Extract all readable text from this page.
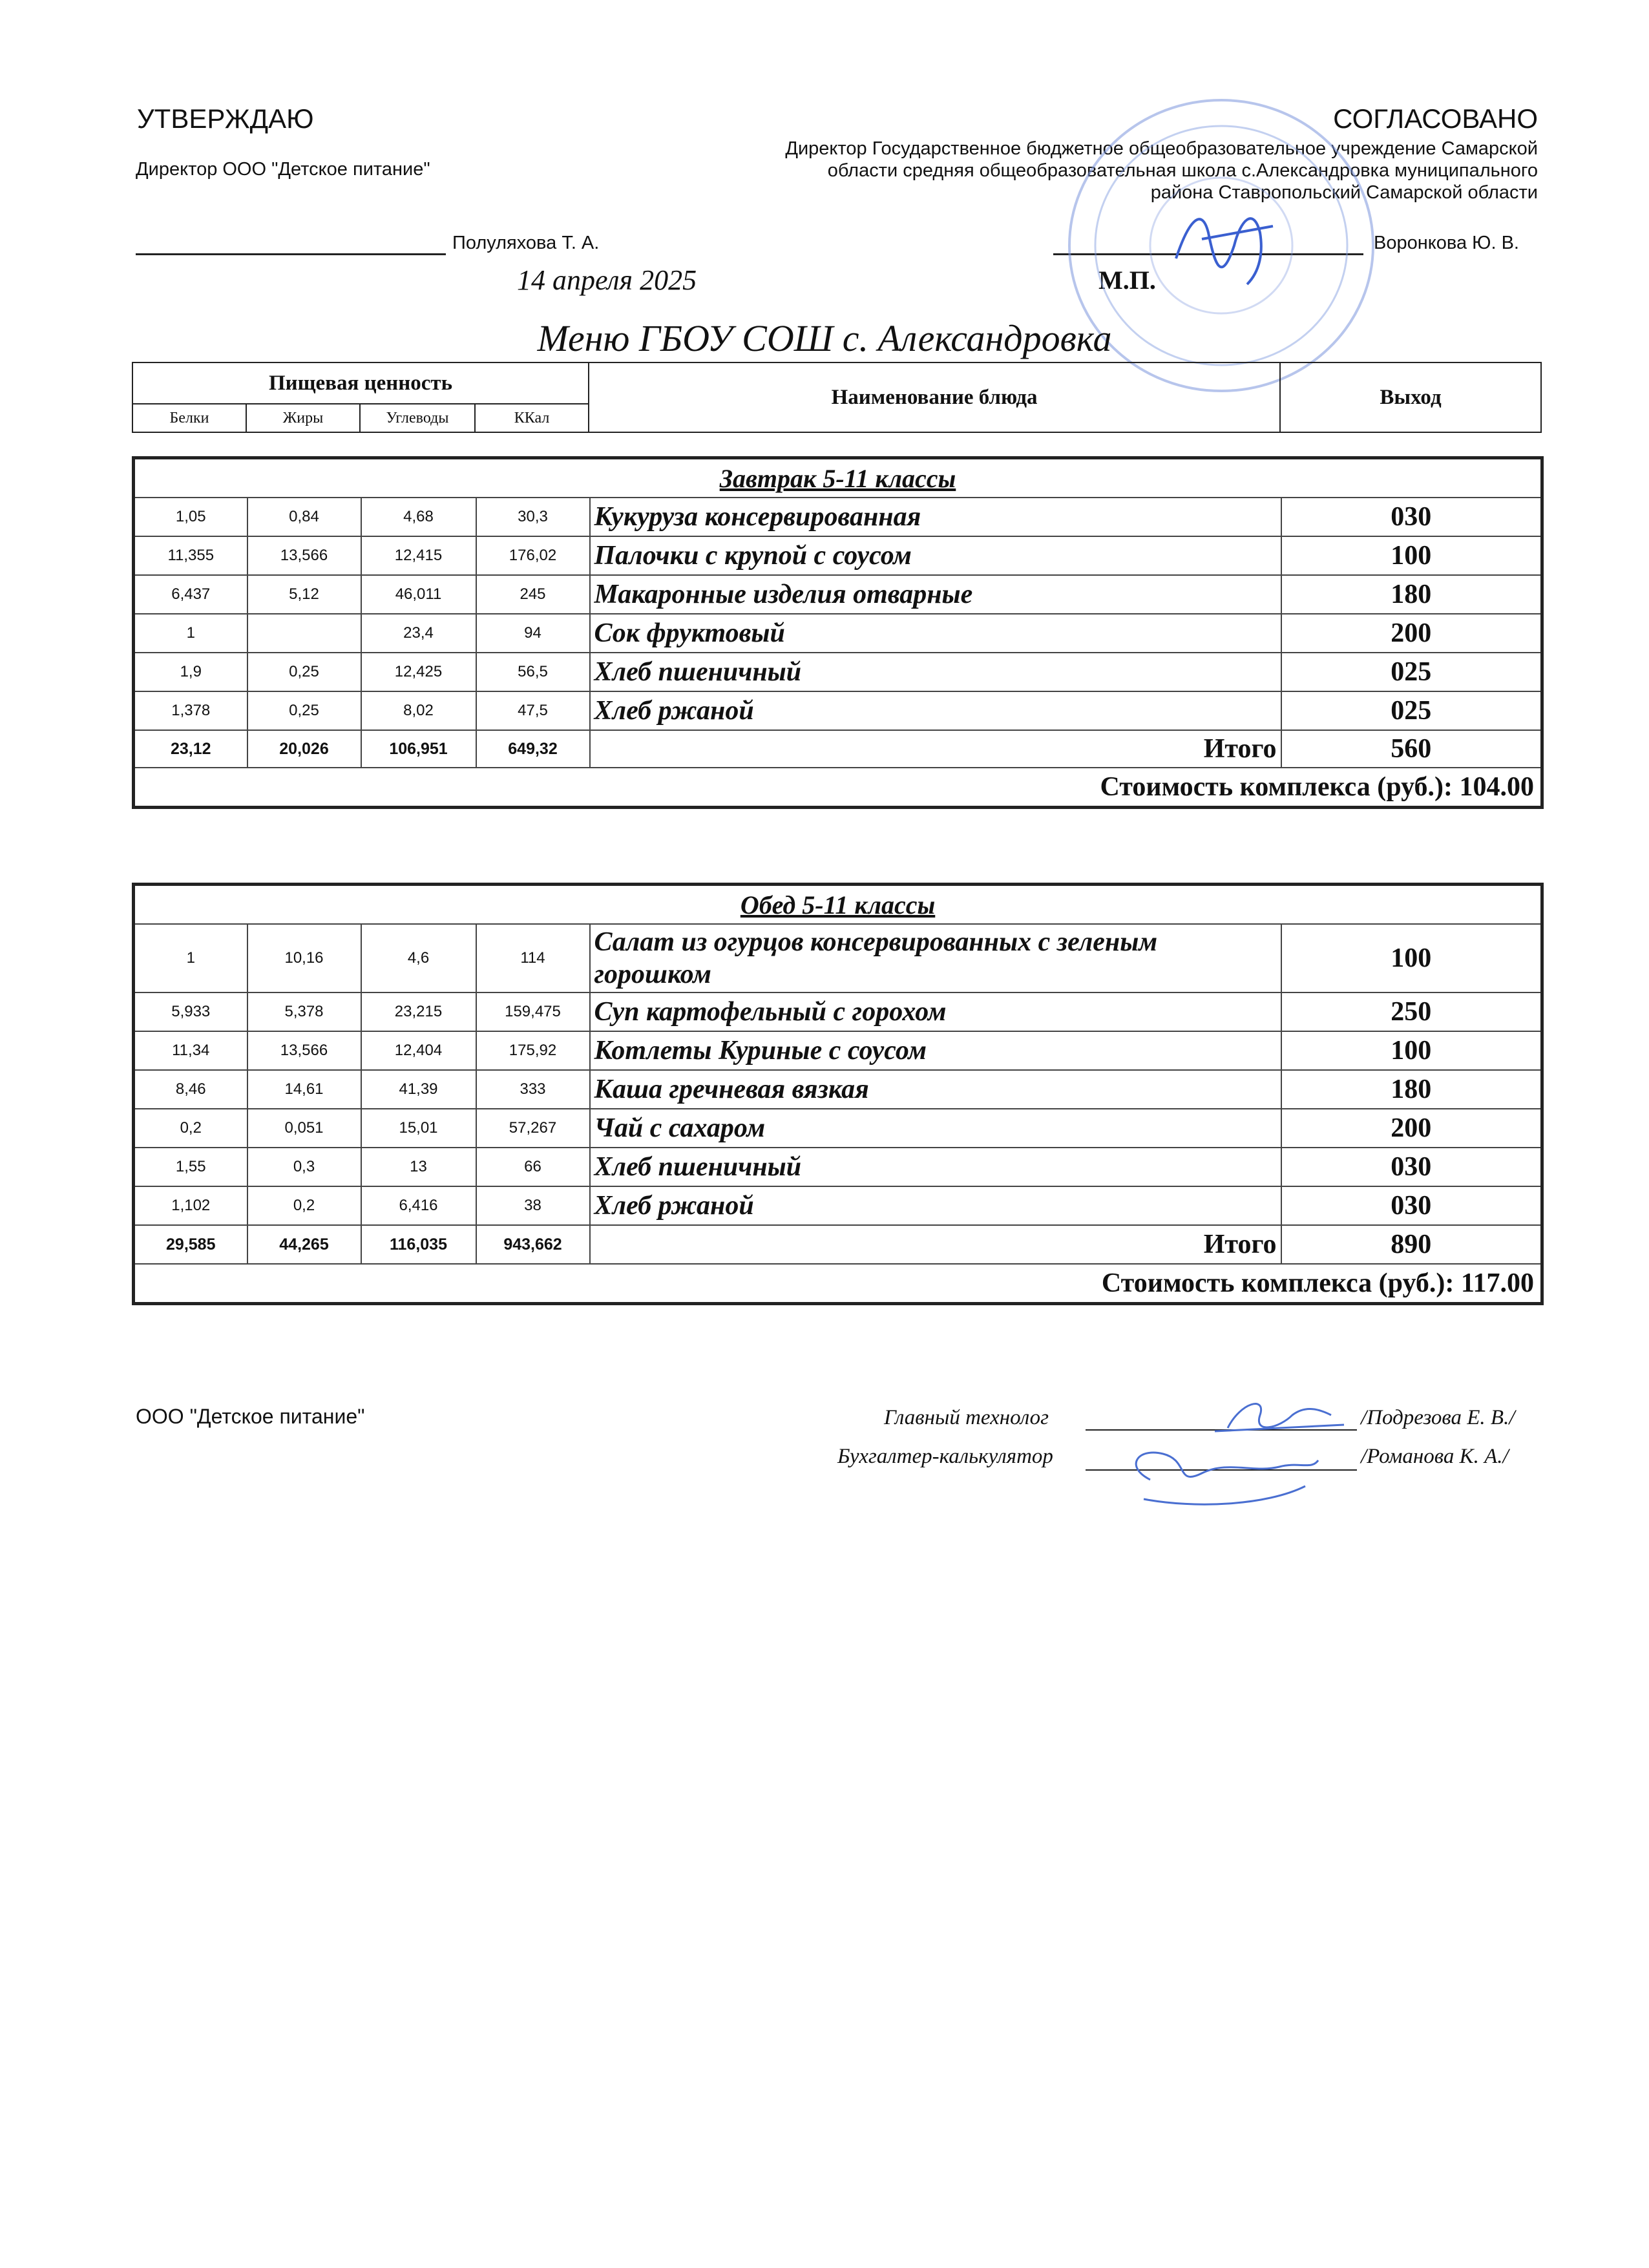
УТВЕРЖДАЮ
Директор ООО "Детское питание"
Полуляхова Т. А.
14 апреля 2025
СОГЛАСОВАНО
Директор Государственное бюджетное общеобразовательное учреждение Самарской
области средняя общеобразовательная школа с.Александровка муниципального
района Ставропольский Самарской области
Воронкова Ю. В.
М.П.
Меню ГБОУ СОШ с. Александровка
Пищевая ценность				Наименование блюда	Выход
Белки	Жиры	Углеводы	ККал		
Завтрак 5-11 классы					
1,05	0,84	4,68	30,3	Кукуруза консервированная	030
11,355	13,566	12,415	176,02	Палочки с крупой с соусом	100
6,437	5,12	46,011	245	Макаронные изделия отварные	180
1		23,4	94	Сок фруктовый	200
1,9	0,25	12,425	56,5	Хлеб пшеничный	025
1,378	0,25	8,02	47,5	Хлеб ржаной	025
23,12	20,026	106,951	649,32	Итого	560
Стоимость комплекса (руб.): 104.00					
Обед 5-11 классы					
1	10,16	4,6	114	Салат из огурцов консервированных с зеленым горошком	100
5,933	5,378	23,215	159,475	Суп картофельный с горохом	250
11,34	13,566	12,404	175,92	Котлеты Куриные с соусом	100
8,46	14,61	41,39	333	Каша гречневая вязкая	180
0,2	0,051	15,01	57,267	Чай с сахаром	200
1,55	0,3	13	66	Хлеб пшеничный	030
1,102	0,2	6,416	38	Хлеб ржаной	030
29,585	44,265	116,035	943,662	Итого	890
Стоимость комплекса (руб.): 117.00					
ООО "Детское питание"	Главный технолог	/Подрезова Е. В./
Бухгалтер-калькулятор	/Романова К. А./
